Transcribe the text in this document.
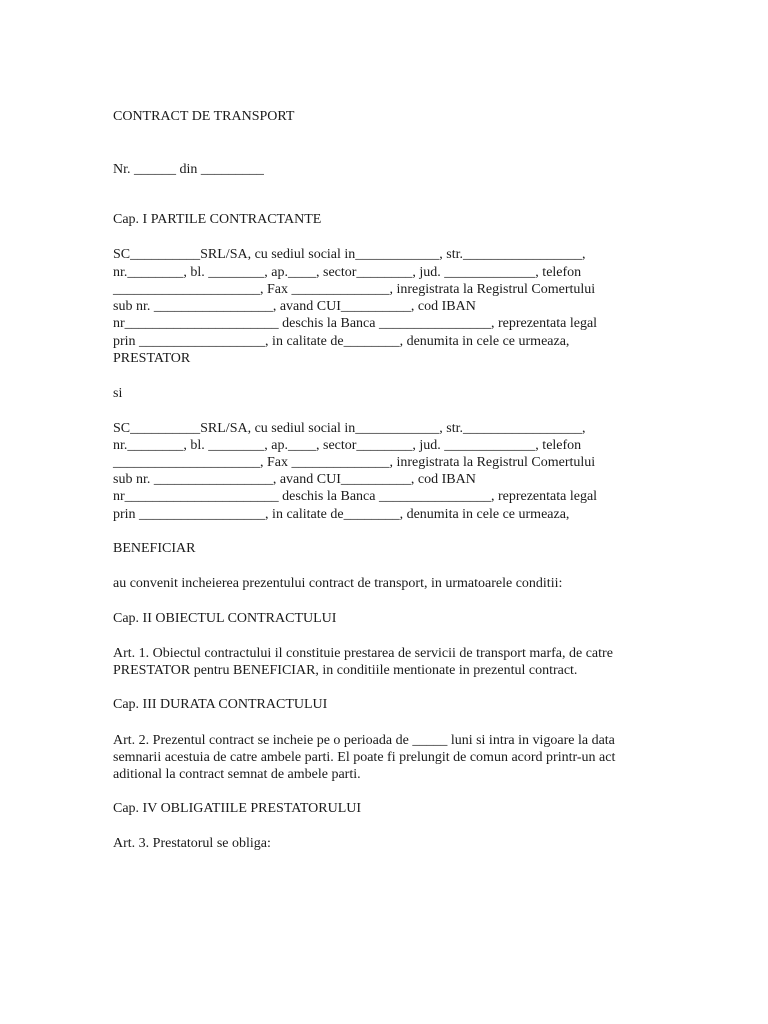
CONTRACT DE TRANSPORT

Nr. ______ din _________

Cap. I PARTILE CONTRACTANTE

SC__________SRL/SA, cu sediul social in____________, str._________________,

nr.________, bl. ________, ap.____, sector________, jud. _____________, telefon

_____________________, Fax ______________, inregistrata la Registrul Comertului

sub nr. _________________, avand CUI__________, cod IBAN

nr______________________ deschis la Banca ________________, reprezentata legal

prin __________________, in calitate de________, denumita in cele ce urmeaza,

PRESTATOR

si

SC__________SRL/SA, cu sediul social in____________, str._________________,

nr.________, bl. ________, ap.____, sector________, jud. _____________, telefon

_____________________, Fax ______________, inregistrata la Registrul Comertului

sub nr. _________________, avand CUI__________, cod IBAN

nr______________________ deschis la Banca ________________, reprezentata legal

prin __________________, in calitate de________, denumita in cele ce urmeaza,

BENEFICIAR

au convenit incheierea prezentului contract de transport, in urmatoarele conditii:

Cap. II OBIECTUL CONTRACTULUI

Art. 1. Obiectul contractului il constituie prestarea de servicii de transport marfa, de catre

PRESTATOR pentru BENEFICIAR, in conditiile mentionate in prezentul contract.

Cap. III DURATA CONTRACTULUI

Art. 2. Prezentul contract se incheie pe o perioada de _____ luni si intra in vigoare la data

semnarii acestuia de catre ambele parti. El poate fi prelungit de comun acord printr-un act

aditional la contract semnat de ambele parti.

Cap. IV OBLIGATIILE PRESTATORULUI

Art. 3. Prestatorul se obliga:
